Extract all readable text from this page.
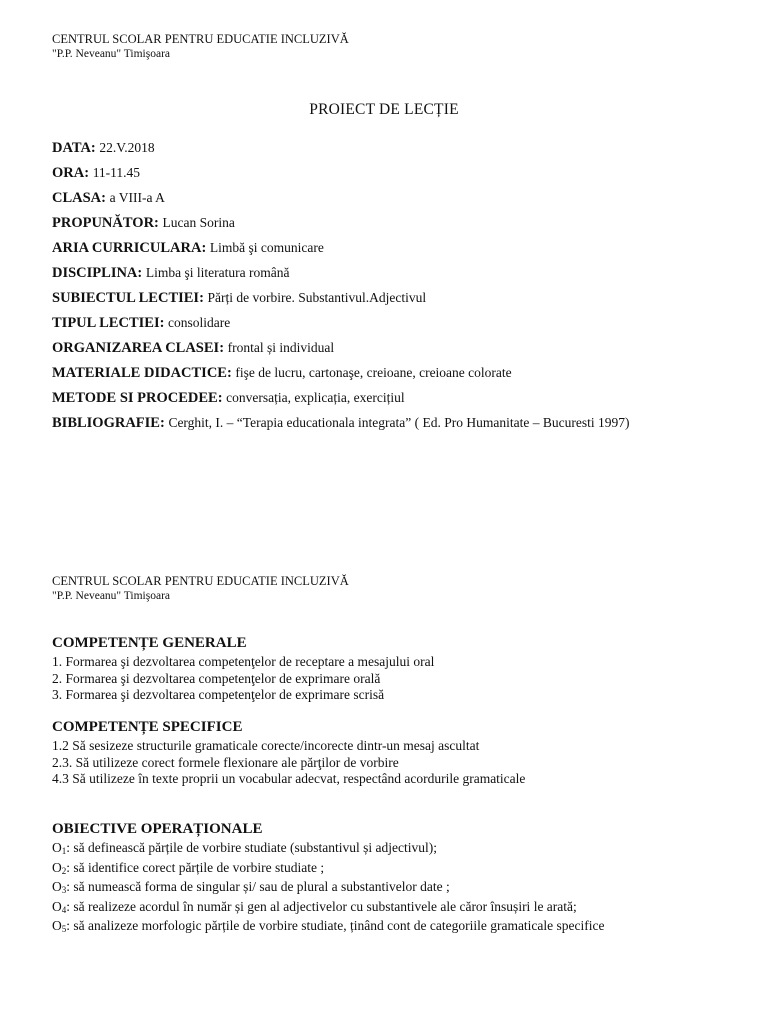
CENTRUL SCOLAR PENTRU EDUCATIE INCLUZIVĂ
"P.P. Neveanu" Timişoara
PROIECT DE LECȚIE
DATA: 22.V.2018
ORA: 11-11.45
CLASA: a VIII-a A
PROPUNĂTOR: Lucan Sorina
ARIA CURRICULARA: Limbă şi comunicare
DISCIPLINA: Limba şi literatura română
SUBIECTUL LECTIEI: Părți de vorbire. Substantivul.Adjectivul
TIPUL LECTIEI: consolidare
ORGANIZAREA CLASEI: frontal și individual
MATERIALE DIDACTICE: fişe de lucru, cartonaşe, creioane, creioane colorate
METODE SI PROCEDEE: conversația, explicația, exercițiul
BIBLIOGRAFIE: Cerghit, I. – “Terapia educationala integrata” ( Ed. Pro Humanitate – Bucuresti 1997)
CENTRUL SCOLAR PENTRU EDUCATIE INCLUZIVĂ
"P.P. Neveanu" Timişoara
COMPETENȚE GENERALE
1. Formarea şi dezvoltarea competenţelor de receptare a mesajului oral
2. Formarea şi dezvoltarea competenţelor de exprimare orală
3. Formarea şi dezvoltarea competenţelor de exprimare scrisă
COMPETENȚE SPECIFICE
1.2 Să sesizeze structurile gramaticale corecte/incorecte dintr-un mesaj ascultat
2.3. Să utilizeze corect formele flexionare ale părţilor de vorbire
4.3 Să utilizeze în texte proprii un vocabular adecvat, respectând acordurile gramaticale
OBIECTIVE OPERAȚIONALE
O1: să definească părțile de vorbire studiate (substantivul și adjectivul);
O2: să identifice corect părțile de vorbire studiate ;
O3: să numească forma de singular și/ sau de plural a substantivelor date ;
O4: să realizeze acordul în număr și gen al adjectivelor cu substantivele ale căror însușiri le arată;
O5: să analizeze morfologic părțile de vorbire studiate, ținând cont de categoriile gramaticale specifice
